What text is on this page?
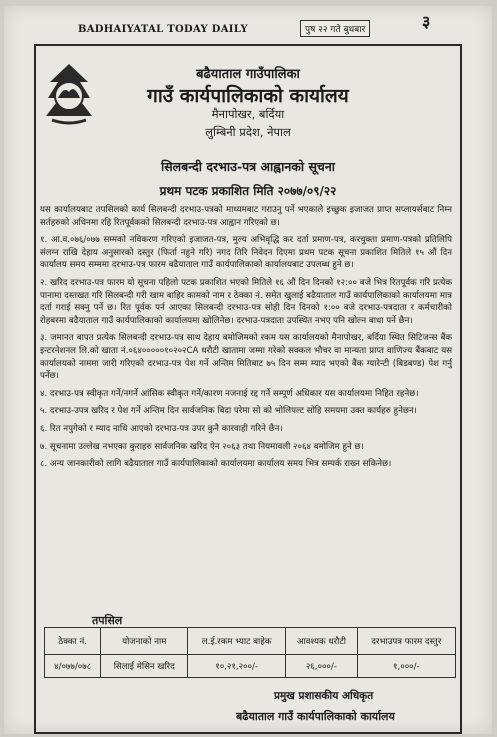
BADHAIYATAL TODAY DAILY	पुष २२ गते बुधबार	३
बढैयाताल गाउँपालिका
गाउँ कार्यपालिकाको कार्यालय
मैनापोखर, बर्दिया
लुम्बिनी प्रदेश, नेपाल
सिलबन्दी दरभाउ-पत्र आह्वानको सूचना
प्रथम पटक प्रकाशित मिति २०७७/०९/२२

यस कार्यालयबाट तपसिलको कार्य सिलबन्दी दरभाउ-पत्रको माध्यमबाट गराउनु पर्ने भएकाले इच्छुक इजाजत प्राप्त सप्लायर्सबाट निम्न सर्तहरुको अधिनमा रहि रितपूर्वकको सिलबन्दी दरभाउ-पत्र आह्वान गरिएको छ।

१. आ.व.०७६/०७७ सम्मको नविकरण गरिएको इजाजत-पत्र, मुल्य अभिवृद्धि कर दर्ता प्रमाण-पत्र, करचुक्ता प्रमाण-पत्रको प्रतिलिपि संलग्न राखि देहाय अनुसारको दस्तुर (फिर्ता नहुने गरि) नगद तिरि निवेदन दिएमा प्रथम पटक सूचना प्रकाशित मितिले १५ औं दिन कार्यालय समय सम्ममा दरभाउ-पत्र फारम बढैयाताल गाउँ कार्यपालिकाको कार्यालयबाट उपलब्ध हुने छ।

२. खरिद दरभाउ-पत्र फारम यो सूचना पहिलो पटक प्रकाशित भएको मितिले १६ औं दिन दिनको १२:०० बजे भित्र रितपूर्वक गरि प्रत्येक पानामा दस्तखत गरि सिलबन्दी गरी खाम बाहिर कामको नाम र ठेक्का नं. समेत खुलाई बढैयाताल गाउँ कार्यपालिकाको कार्यालयमा मात्र दर्ता गराई सक्नु पर्ने छ। रित पूर्वक पर्न आएका सिलबन्दी दरभाउ-पत्र सोही दिन दिनको १:०० बजे दरभाउ-पत्रदाता र कर्मचारीको रोहबरमा बढैयाताल गाउँ कार्यपालिकाको कार्यालयमा खोलिनेछ। दरभाउ-पत्रदाता उपस्थित नभए पनि खोल्न बाधा पर्ने छैन।

३. जमानत बापत प्रत्येक सिलबन्दी दरभाउ-पत्र साथ देहाय बमोजिमको रकम यस कार्यालयको मैनापोखर, बर्दिया स्थित सिटिजन्स बैंक इन्टरनेशनल लि.को खाता नं.०६४०००००१०२०२CA धरौटी खातामा जम्मा गरेको सक्कल भौचर वा मान्यता प्राप्त वाणिज्य बैंकबाट यस कार्यालयको नाममा जारी गरिएको दरभाउ-पत्र पेश गर्ने अन्तिम मितिबाट ७५ दिन सम्म म्याद भएको बैंक ग्यारेन्टी (बिडबण्ड) पेश गर्नु पर्नेछ।

४. दरभाउ-पत्र स्वीकृत गर्ने/नगर्ने आंसिक स्वीकृत गर्ने/कारण नजनाई रद्द गर्ने सम्पूर्ण अधिकार यस कार्यालयमा निहित रहनेछ।

५. दरभाउ-उपत्र खरिद र पेश गर्ने अन्तिम दिन सार्वजनिक बिदा परेमा सो को भोलिपल्ट सोहि समयमा उक्त कार्यहरु हुनेछन।

६. रित नपुगेको र म्याद नाधि आएको दरभाउ-पत्र उपर कुनै कारवाही गरिने छैन।

७. सूचनामा उल्लेख नभएका कुराहरु सार्वजनिक खरिद ऐन २०६३ तथा नियमावली २०६४ बमोजिम हुने छ।

८. अन्य जानकारीको लागि बढैयाताल गाउँ कार्यपालिकाको कार्यालयमा कार्यालय समय भित्र सम्पर्क राख्न सकिनेछ।

तपसिल
ठेक्का नं.	योजनाको नाम	ल.ई.रकम भ्याट बाहेक	आवश्यक धरौटी	दरभाउपत्र फारम दस्तुर
४/०७७/०७८	सिलाई मेसिन खरिद	१०,२१,२००/-	२६,०००/-	१,०००/-
प्रमुख प्रशासकीय अधिकृत
बढैयाताल गाउँ कार्यपालिकाको कार्यालय
